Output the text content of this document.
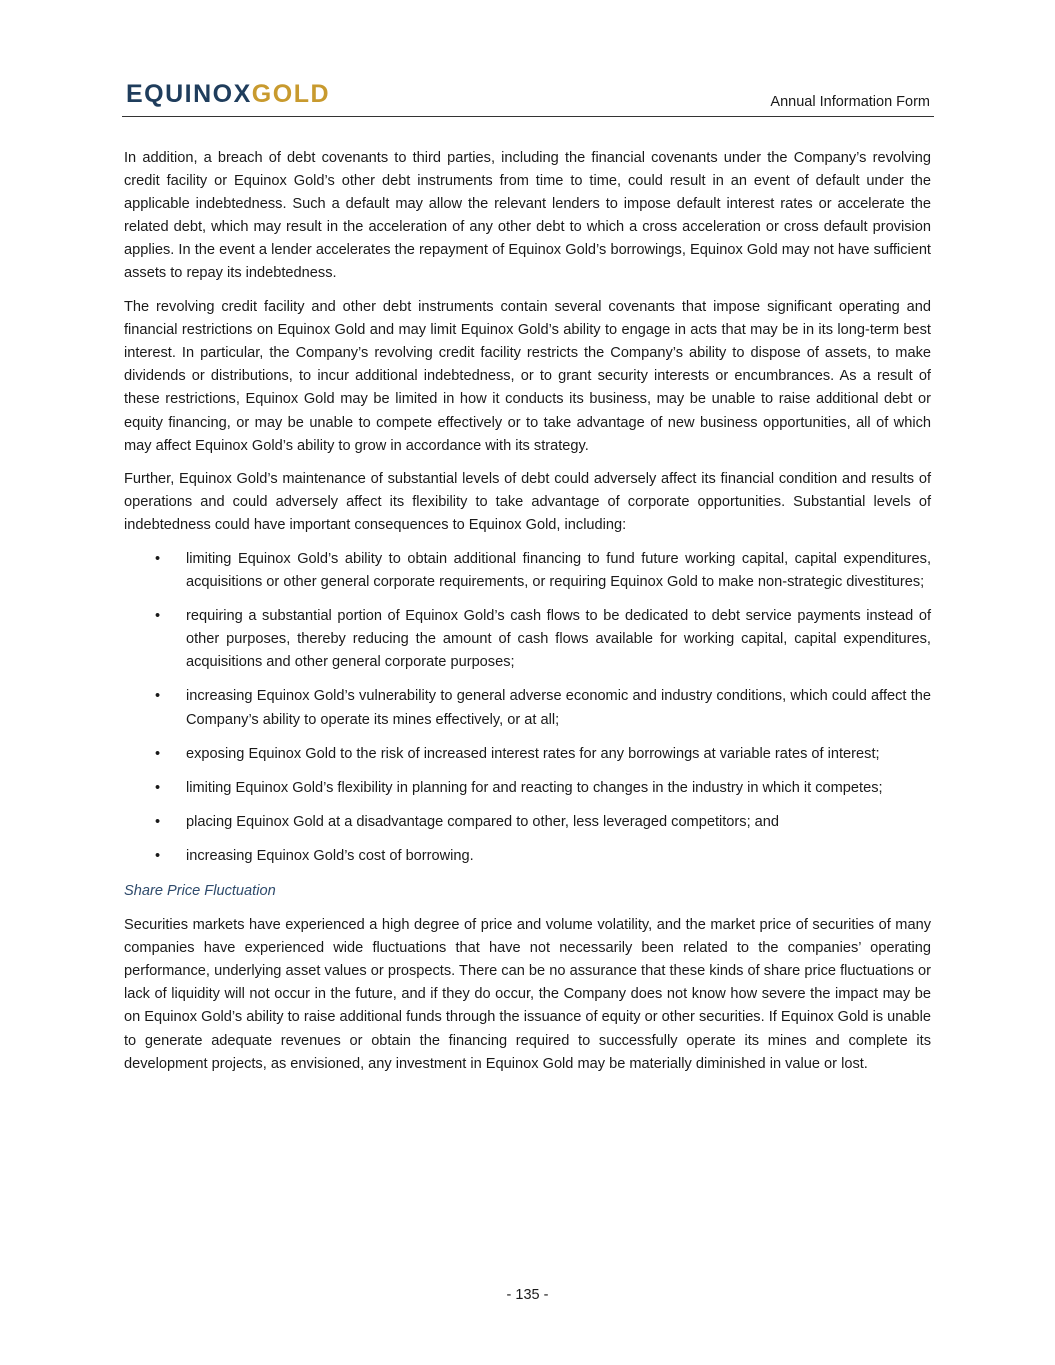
EQUINOXGOLD	Annual Information Form

In addition, a breach of debt covenants to third parties, including the financial covenants under the Company’s revolving credit facility or Equinox Gold’s other debt instruments from time to time, could result in an event of default under the applicable indebtedness. Such a default may allow the relevant lenders to impose default interest rates or accelerate the related debt, which may result in the acceleration of any other debt to which a cross acceleration or cross default provision applies. In the event a lender accelerates the repayment of Equinox Gold’s borrowings, Equinox Gold may not have sufficient assets to repay its indebtedness.

The revolving credit facility and other debt instruments contain several covenants that impose significant operating and financial restrictions on Equinox Gold and may limit Equinox Gold’s ability to engage in acts that may be in its long-term best interest. In particular, the Company’s revolving credit facility restricts the Company’s ability to dispose of assets, to make dividends or distributions, to incur additional indebtedness, or to grant security interests or encumbrances. As a result of these restrictions, Equinox Gold may be limited in how it conducts its business, may be unable to raise additional debt or equity financing, or may be unable to compete effectively or to take advantage of new business opportunities, all of which may affect Equinox Gold’s ability to grow in accordance with its strategy.

Further, Equinox Gold’s maintenance of substantial levels of debt could adversely affect its financial condition and results of operations and could adversely affect its flexibility to take advantage of corporate opportunities. Substantial levels of indebtedness could have important consequences to Equinox Gold, including:

• limiting Equinox Gold’s ability to obtain additional financing to fund future working capital, capital expenditures, acquisitions or other general corporate requirements, or requiring Equinox Gold to make non-strategic divestitures;
• requiring a substantial portion of Equinox Gold’s cash flows to be dedicated to debt service payments instead of other purposes, thereby reducing the amount of cash flows available for working capital, capital expenditures, acquisitions and other general corporate purposes;
• increasing Equinox Gold’s vulnerability to general adverse economic and industry conditions, which could affect the Company’s ability to operate its mines effectively, or at all;
• exposing Equinox Gold to the risk of increased interest rates for any borrowings at variable rates of interest;
• limiting Equinox Gold’s flexibility in planning for and reacting to changes in the industry in which it competes;
• placing Equinox Gold at a disadvantage compared to other, less leveraged competitors; and
• increasing Equinox Gold’s cost of borrowing.
Share Price Fluctuation

Securities markets have experienced a high degree of price and volume volatility, and the market price of securities of many companies have experienced wide fluctuations that have not necessarily been related to the companies’ operating performance, underlying asset values or prospects. There can be no assurance that these kinds of share price fluctuations or lack of liquidity will not occur in the future, and if they do occur, the Company does not know how severe the impact may be on Equinox Gold’s ability to raise additional funds through the issuance of equity or other securities. If Equinox Gold is unable to generate adequate revenues or obtain the financing required to successfully operate its mines and complete its development projects, as envisioned, any investment in Equinox Gold may be materially diminished in value or lost.

- 135 -
